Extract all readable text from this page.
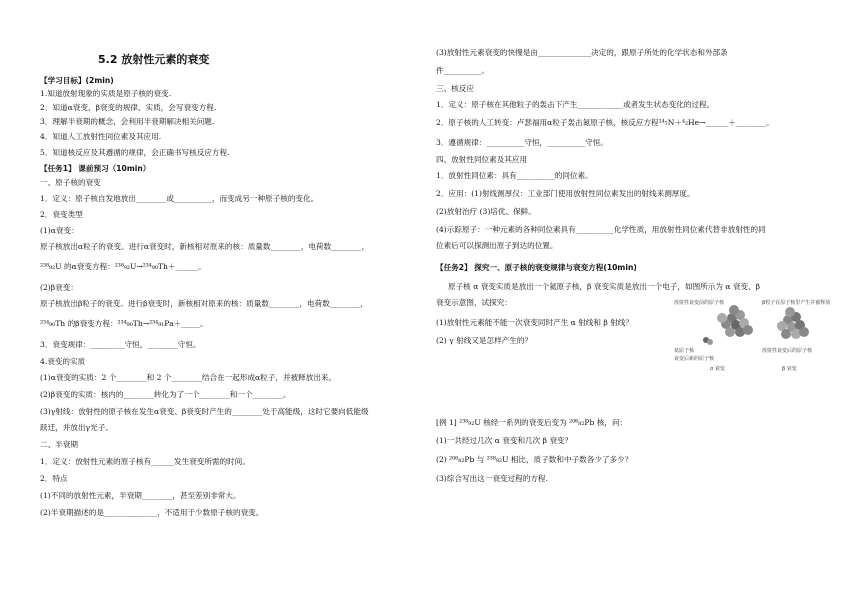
5.2 放射性元素的衰变
【学习目标】(2min)
1.知道放射现象的实质是原子核的衰变.
2．知道α衰变、β衰变的规律、实质，会写衰变方程.
3．理解半衰期的概念，会利用半衰期解决相关问题.
4．知道人工放射性同位素及其应用.
5．知道核反应及其遵循的规律，会正确书写核反应方程.
【任务1】 课前预习（10min）
一、原子核的衰变
1．定义：原子核自发地放出________或__________，而变成另一种原子核的变化。
2．衰变类型
(1)α衰变：
原子核放出α粒子的衰变。进行α衰变时，新核相对原来的核：质量数________，电荷数________，
²³⁸₉₂U 的α衰变方程：²³⁸₉₂U→²³⁴₉₀Th＋______。
(2)β衰变：
原子核放出β粒子的衰变。进行β衰变时，新核相对原来的核：质量数________，电荷数________，
²³⁴₉₀Th 的β衰变方程：²³⁴₉₀Th→²³⁴₉₁Pa＋_____。
3．衰变规律：_________守恒，________守恒。
4.衰变的实质
(1)α衰变的实质：2 个________和 2 个________结合在一起形成α粒子，并被释放出来。
(2)β衰变的实质：核内的________转化为了一个________和一个________。
(3)γ射线：放射性的原子核在发生α衰变、β衰变时产生的________处于高能级，这时它要向低能级
跃迁，并放出γ光子。
二、半衰期
1．定义：放射性元素的原子核有______发生衰变所需的时间。
2．特点
(1)不同的放射性元素，半衰期________，甚至差别非常大。
(2)半衰期描述的是______________，不适用于少数原子核的衰变。
(3)放射性元素衰变的快慢是由______________决定的，跟原子所处的化学状态和外部条
件__________。
三、核反应
1．定义：原子核在其他粒子的轰击下产生____________或者发生状态变化的过程。
2．原子核的人工转变：卢瑟福用α粒子轰击氮原子核，核反应方程¹⁴₇N＋⁴₂He→______＋________。
3．遵循规律：__________守恒，__________守恒。
四、放射性同位素及其应用
1．放射性同位素：具有__________的同位素。
2．应用：(1)射线测厚仪：工业部门使用放射性同位素发出的射线来测厚度。
(2)放射治疗 (3)培优、保鲜。
(4)示踪原子：一种元素的各种同位素具有__________化学性质，用放射性同位素代替非放射性的同
位素后可以探测出原子到达的位置。
【任务2】 探究一、原子核的衰变规律与衰变方程(10min)
原子核 α 衰变实质是放出一个氦原子核，β 衰变实质是放出一个电子，如图所示为 α 衰变、β
衰变示意图，试探究：
(1)放射性元素能不能一次衰变同时产生 α 射线和 β 射线？
(2) γ 射线又是怎样产生的？
[例 1] ²³⁸₉₂U 核经一系列的衰变后变为 ²⁰⁶₈₂Pb 核，问：
(1)一共经过几次 α 衰变和几次 β 衰变？
(2) ²⁰⁶₈₂Pb 与 ²³⁸₉₂U 相比，质子数和中子数各少了多少？
(3)综合写出这一衰变过程的方程.
放射性衰变前的原子核	β粒子在原子核里产生并被释放
氦原子核	放射性衰变后的原子核
α 衰变	β 衰变
衰变后新的原子核
